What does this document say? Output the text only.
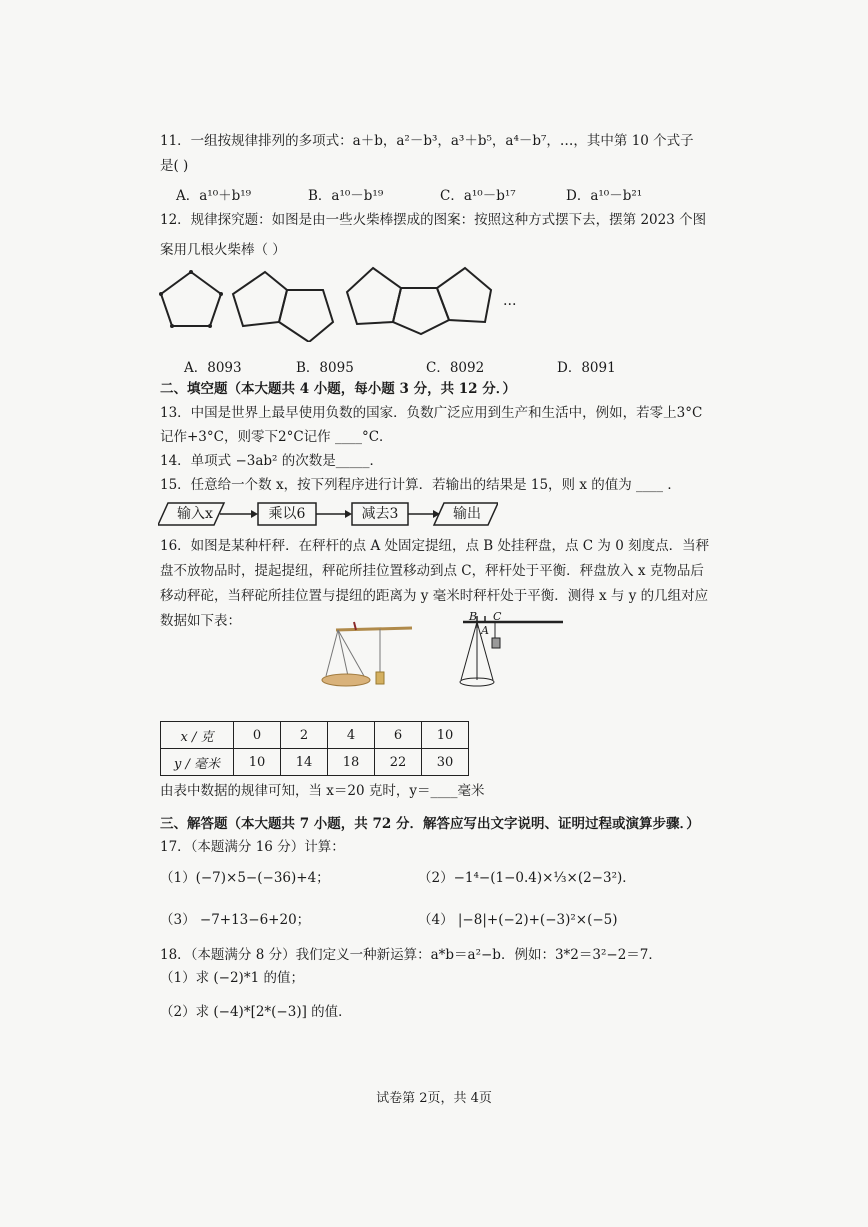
11．一组按规律排列的多项式：a＋b，a²－b³，a³＋b⁵，a⁴－b⁷，…，其中第 10 个式子
是( )
A．a¹⁰＋b¹⁹	B．a¹⁰－b¹⁹	C．a¹⁰－b¹⁷	D．a¹⁰－b²¹
12．规律探究题：如图是由一些火柴棒摆成的图案：按照这种方式摆下去，摆第 2023 个图
案用几根火柴棒（ ）
…
A．8093	B．8095	C．8092	D．8091
二、填空题（本大题共 4 小题，每小题 3 分，共 12 分．）
13．中国是世界上最早使用负数的国家．负数广泛应用到生产和生活中，例如，若零上3°C
记作+3°C，则零下2°C记作 ____°C．
14．单项式 −3ab² 的次数是_____．
15．任意给一个数 x，按下列程序进行计算．若输出的结果是 15，则 x 的值为 ____ ．
输入x	乘以6	减去3	输出
16．如图是某种杆秤．在秤杆的点 A 处固定提纽，点 B 处挂秤盘，点 C 为 0 刻度点．当秤
盘不放物品时，提起提纽，秤砣所挂位置移动到点 C，秤杆处于平衡．秤盘放入 x 克物品后
移动秤砣，当秤砣所挂位置与提纽的距离为 y 毫米时秤杆处于平衡．测得 x 与 y 的几组对应
数据如下表：	B C
A
x / 克	0	2	4	6	10
y / 毫米	10	14	18	22	30
由表中数据的规律可知，当 x＝20 克时，y＝____毫米
三、解答题（本大题共 7 小题，共 72 分．解答应写出文字说明、证明过程或演算步骤．）
17．（本题满分 16 分）计算：
（1）(−7)×5−(−36)+4；	（2）−1⁴−(1−0.4)×⅓×(2−3²)．
（3） −7+13−6+20；	（4） |−8|+(−2)+(−3)²×(−5)
18．（本题满分 8 分）我们定义一种新运算：a*b＝a²−b．例如：3*2＝3²−2＝7．
（1）求 (−2)*1 的值；
（2）求 (−4)*[2*(−3)] 的值．
试卷第 2页，共 4页
